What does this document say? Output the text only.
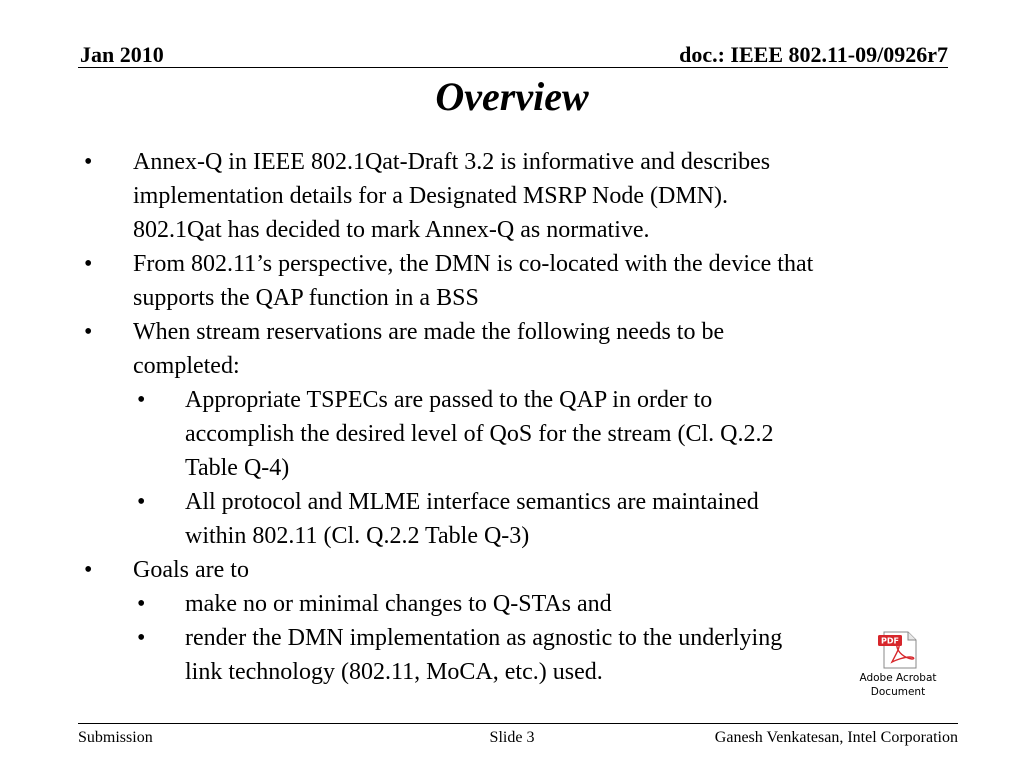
Jan 2010	doc.: IEEE 802.11-09/0926r7
Overview
• Annex-Q in IEEE 802.1Qat-Draft 3.2 is informative and describes
implementation details for a Designated MSRP Node (DMN).
802.1Qat has decided to mark Annex-Q as normative.
• From 802.11’s perspective, the DMN is co-located with the device that
supports the QAP function in a BSS
• When stream reservations are made the following needs to be
completed:
• Appropriate TSPECs are passed to the QAP in order to
accomplish the desired level of QoS for the stream (Cl. Q.2.2
Table Q-4)
• All protocol and MLME interface semantics are maintained
within 802.11 (Cl. Q.2.2 Table Q-3)
• Goals are to
• make no or minimal changes to Q-STAs and
• render the DMN implementation as agnostic to the underlying
link technology (802.11, MoCA, etc.) used.
PDF
Adobe Acrobat
Document
Submission	Slide 3	Ganesh Venkatesan, Intel Corporation
